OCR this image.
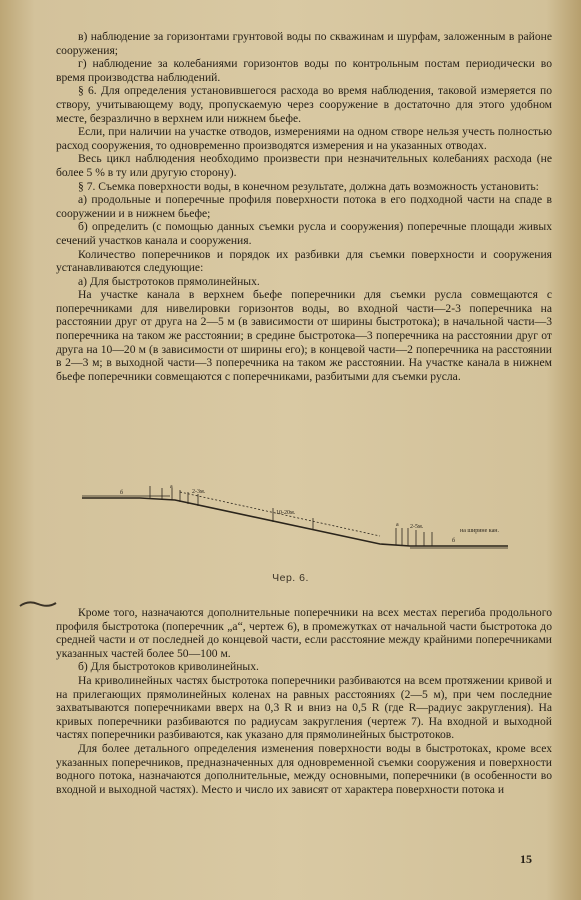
в) наблюдение за горизонтами грунтовой воды по скважинам и шурфам, заложенным в районе сооружения;

г) наблюдение за колебаниями горизонтов воды по контрольным постам периодически во время производства наблюдений.

§ 6. Для определения установившегося расхода во время наблюдения, таковой измеряется по створу, учитывающему воду, пропускаемую через сооружение в достаточно для этого удобном месте, безразлично в верхнем или нижнем бьефе.

Если, при наличии на участке отводов, измерениями на одном створе нельзя учесть полностью расход сооружения, то одновременно производятся измерения и на указанных отводах.

Весь цикл наблюдения необходимо произвести при незначительных колебаниях расхода (не более 5 % в ту или другую сторону).

§ 7. Съемка поверхности воды, в конечном результате, должна дать возможность установить:

а) продольные и поперечные профиля поверхности потока в его подходной части на спаде в сооружении и в нижнем бьефе;

б) определить (с помощью данных съемки русла и сооружения) поперечные площади живых сечений участков канала и сооружения.

Количество поперечников и порядок их разбивки для съемки поверхности и сооружения устанавливаются следующие:

а) Для быстротоков прямолинейных.

На участке канала в верхнем бьефе поперечники для съемки русла совмещаются с поперечниками для нивелировки горизонтов воды, во входной части—2-3 поперечника на расстоянии друг от друга на 2—5 м (в зависимости от ширины быстротока); в начальной части—3 поперечника на таком же расстоянии; в средине быстротока—3 поперечника на расстоянии друг от друга на 10—20 м (в зависимости от ширины его); в концевой части—2 поперечника на расстоянии в 2—3 м; в выходной части—3 поперечника на таком же расстоянии. На участке канала в нижнем бьефе поперечники совмещаются с поперечниками, разбитыми для съемки русла.

а
а
б
б
2-3м.
10-20м.
2-5м.
на ширине кан.
Чер. 6.

Кроме того, назначаются дополнительные поперечники на всех местах перегиба продольного профиля быстротока (поперечник „а“, чертеж 6), в промежутках от начальной части быстротока до средней части и от последней до концевой части, если расстояние между крайними поперечниками указанных частей более 50—100 м.

б) Для быстротоков криволинейных.

На криволинейных частях быстротока поперечники разбиваются на всем протяжении кривой и на прилегающих прямолинейных коленах на равных расстояниях (2—5 м), при чем последние захватываются поперечниками вверх на 0,3 R и вниз на 0,5 R (где R—радиус закругления). На кривых поперечники разбиваются по радиусам закругления (чертеж 7). На входной и выходной частях поперечники разбиваются, как указано для прямолинейных быстротоков.

Для более детального определения изменения поверхности воды в быстротоках, кроме всех указанных поперечников, предназначенных для одновременной съемки сооружения и поверхности водного потока, назначаются дополнительные, между основными, поперечники (в особенности во входной и выходной частях). Место и число их зависят от характера поверхности потока и

15
